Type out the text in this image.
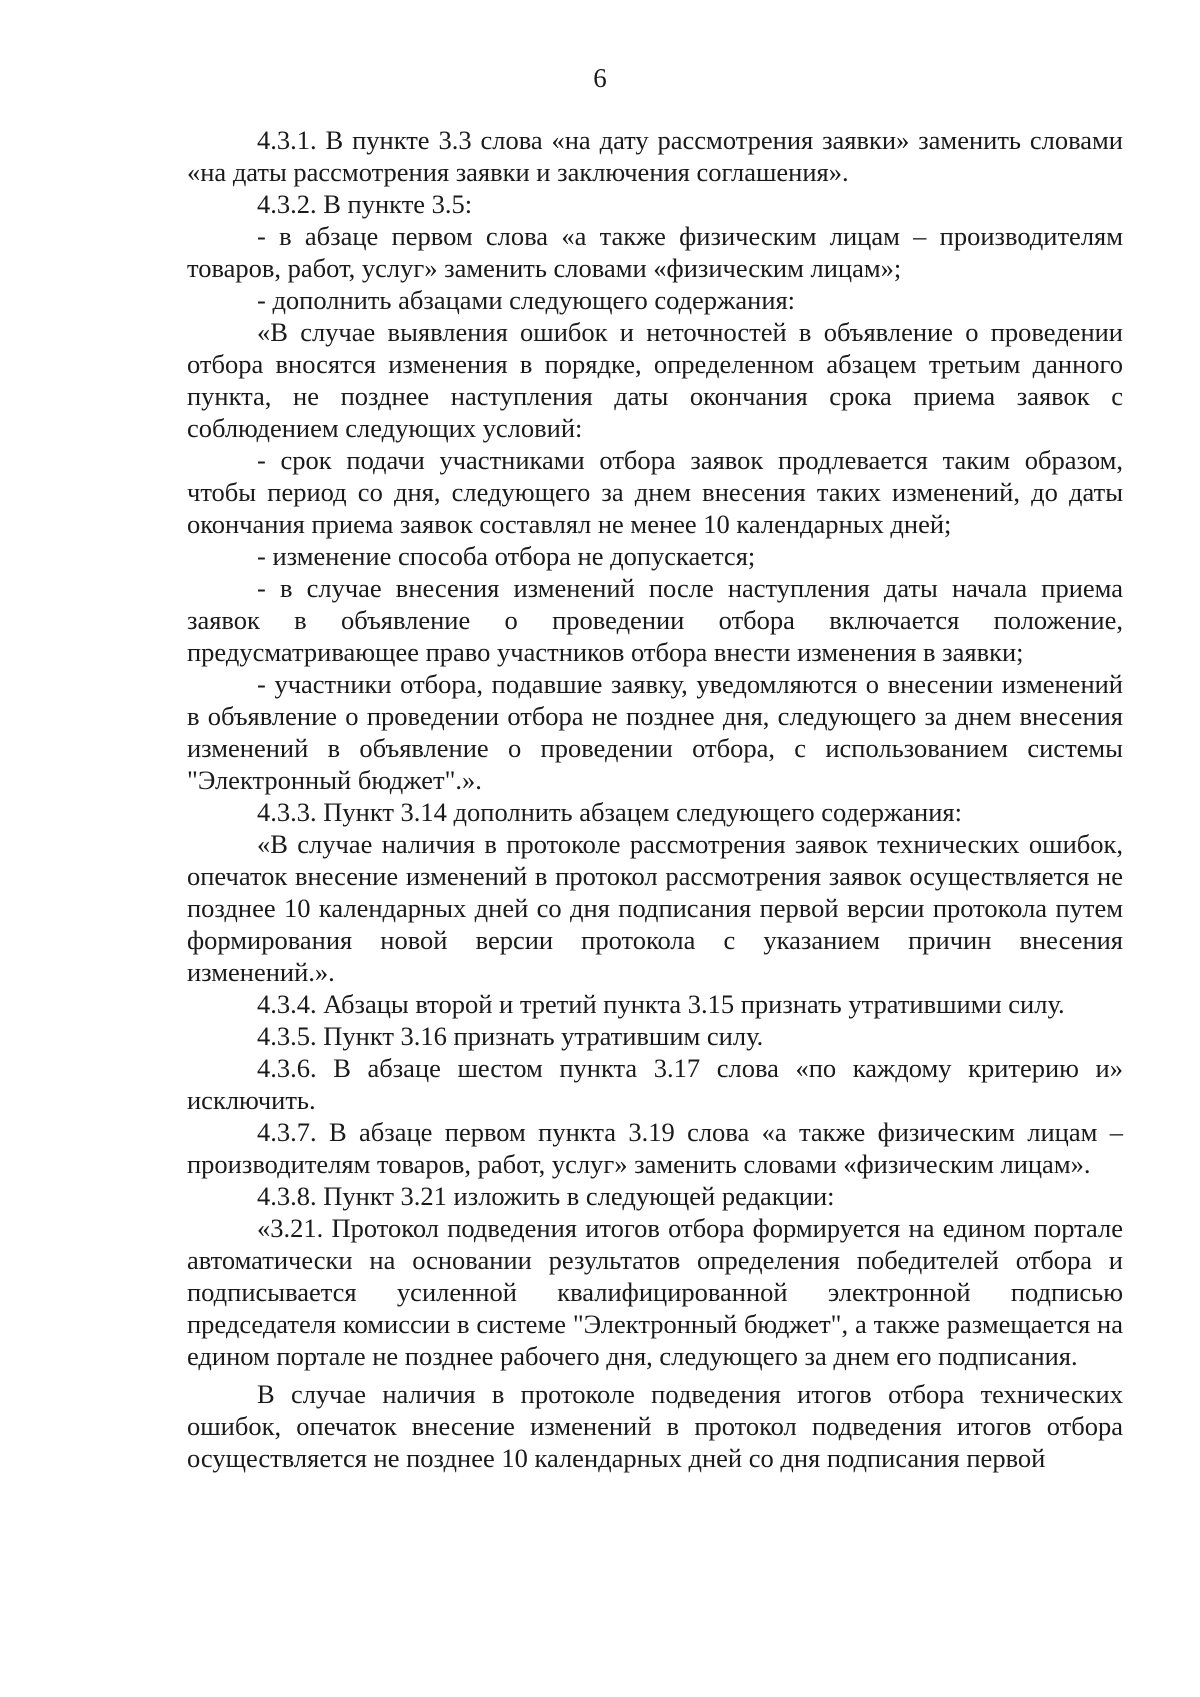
6

4.3.1. В пункте 3.3 слова «на дату рассмотрения заявки» заменить словами «на даты рассмотрения заявки и заключения соглашения».

4.3.2. В пункте 3.5:

- в абзаце первом слова «а также физическим лицам – производителям товаров, работ, услуг» заменить словами «физическим лицам»;

- дополнить абзацами следующего содержания:

«В случае выявления ошибок и неточностей в объявление о проведении отбора вносятся изменения в порядке, определенном абзацем третьим данного пункта, не позднее наступления даты окончания срока приема заявок с соблюдением следующих условий:

- срок подачи участниками отбора заявок продлевается таким образом, чтобы период со дня, следующего за днем внесения таких изменений, до даты окончания приема заявок составлял не менее 10 календарных дней;

- изменение способа отбора не допускается;

- в случае внесения изменений после наступления даты начала приема заявок в объявление о проведении отбора включается положение, предусматривающее право участников отбора внести изменения в заявки;

- участники отбора, подавшие заявку, уведомляются о внесении изменений в объявление о проведении отбора не позднее дня, следующего за днем внесения изменений в объявление о проведении отбора, с использованием системы "Электронный бюджет".».

4.3.3. Пункт 3.14 дополнить абзацем следующего содержания:

«В случае наличия в протоколе рассмотрения заявок технических ошибок, опечаток внесение изменений в протокол рассмотрения заявок осуществляется не позднее 10 календарных дней со дня подписания первой версии протокола путем формирования новой версии протокола с указанием причин внесения изменений.».

4.3.4. Абзацы второй и третий пункта 3.15 признать утратившими силу.

4.3.5. Пункт 3.16 признать утратившим силу.

4.3.6. В абзаце шестом пункта 3.17 слова «по каждому критерию и» исключить.

4.3.7. В абзаце первом пункта 3.19 слова «а также физическим лицам – производителям товаров, работ, услуг» заменить словами «физическим лицам».

4.3.8. Пункт 3.21 изложить в следующей редакции:

«3.21. Протокол подведения итогов отбора формируется на едином портале автоматически на основании результатов определения победителей отбора и подписывается усиленной квалифицированной электронной подписью председателя комиссии в системе "Электронный бюджет", а также размещается на едином портале не позднее рабочего дня, следующего за днем его подписания.

В случае наличия в протоколе подведения итогов отбора технических ошибок, опечаток внесение изменений в протокол подведения итогов отбора осуществляется не позднее 10 календарных дней со дня подписания первой
